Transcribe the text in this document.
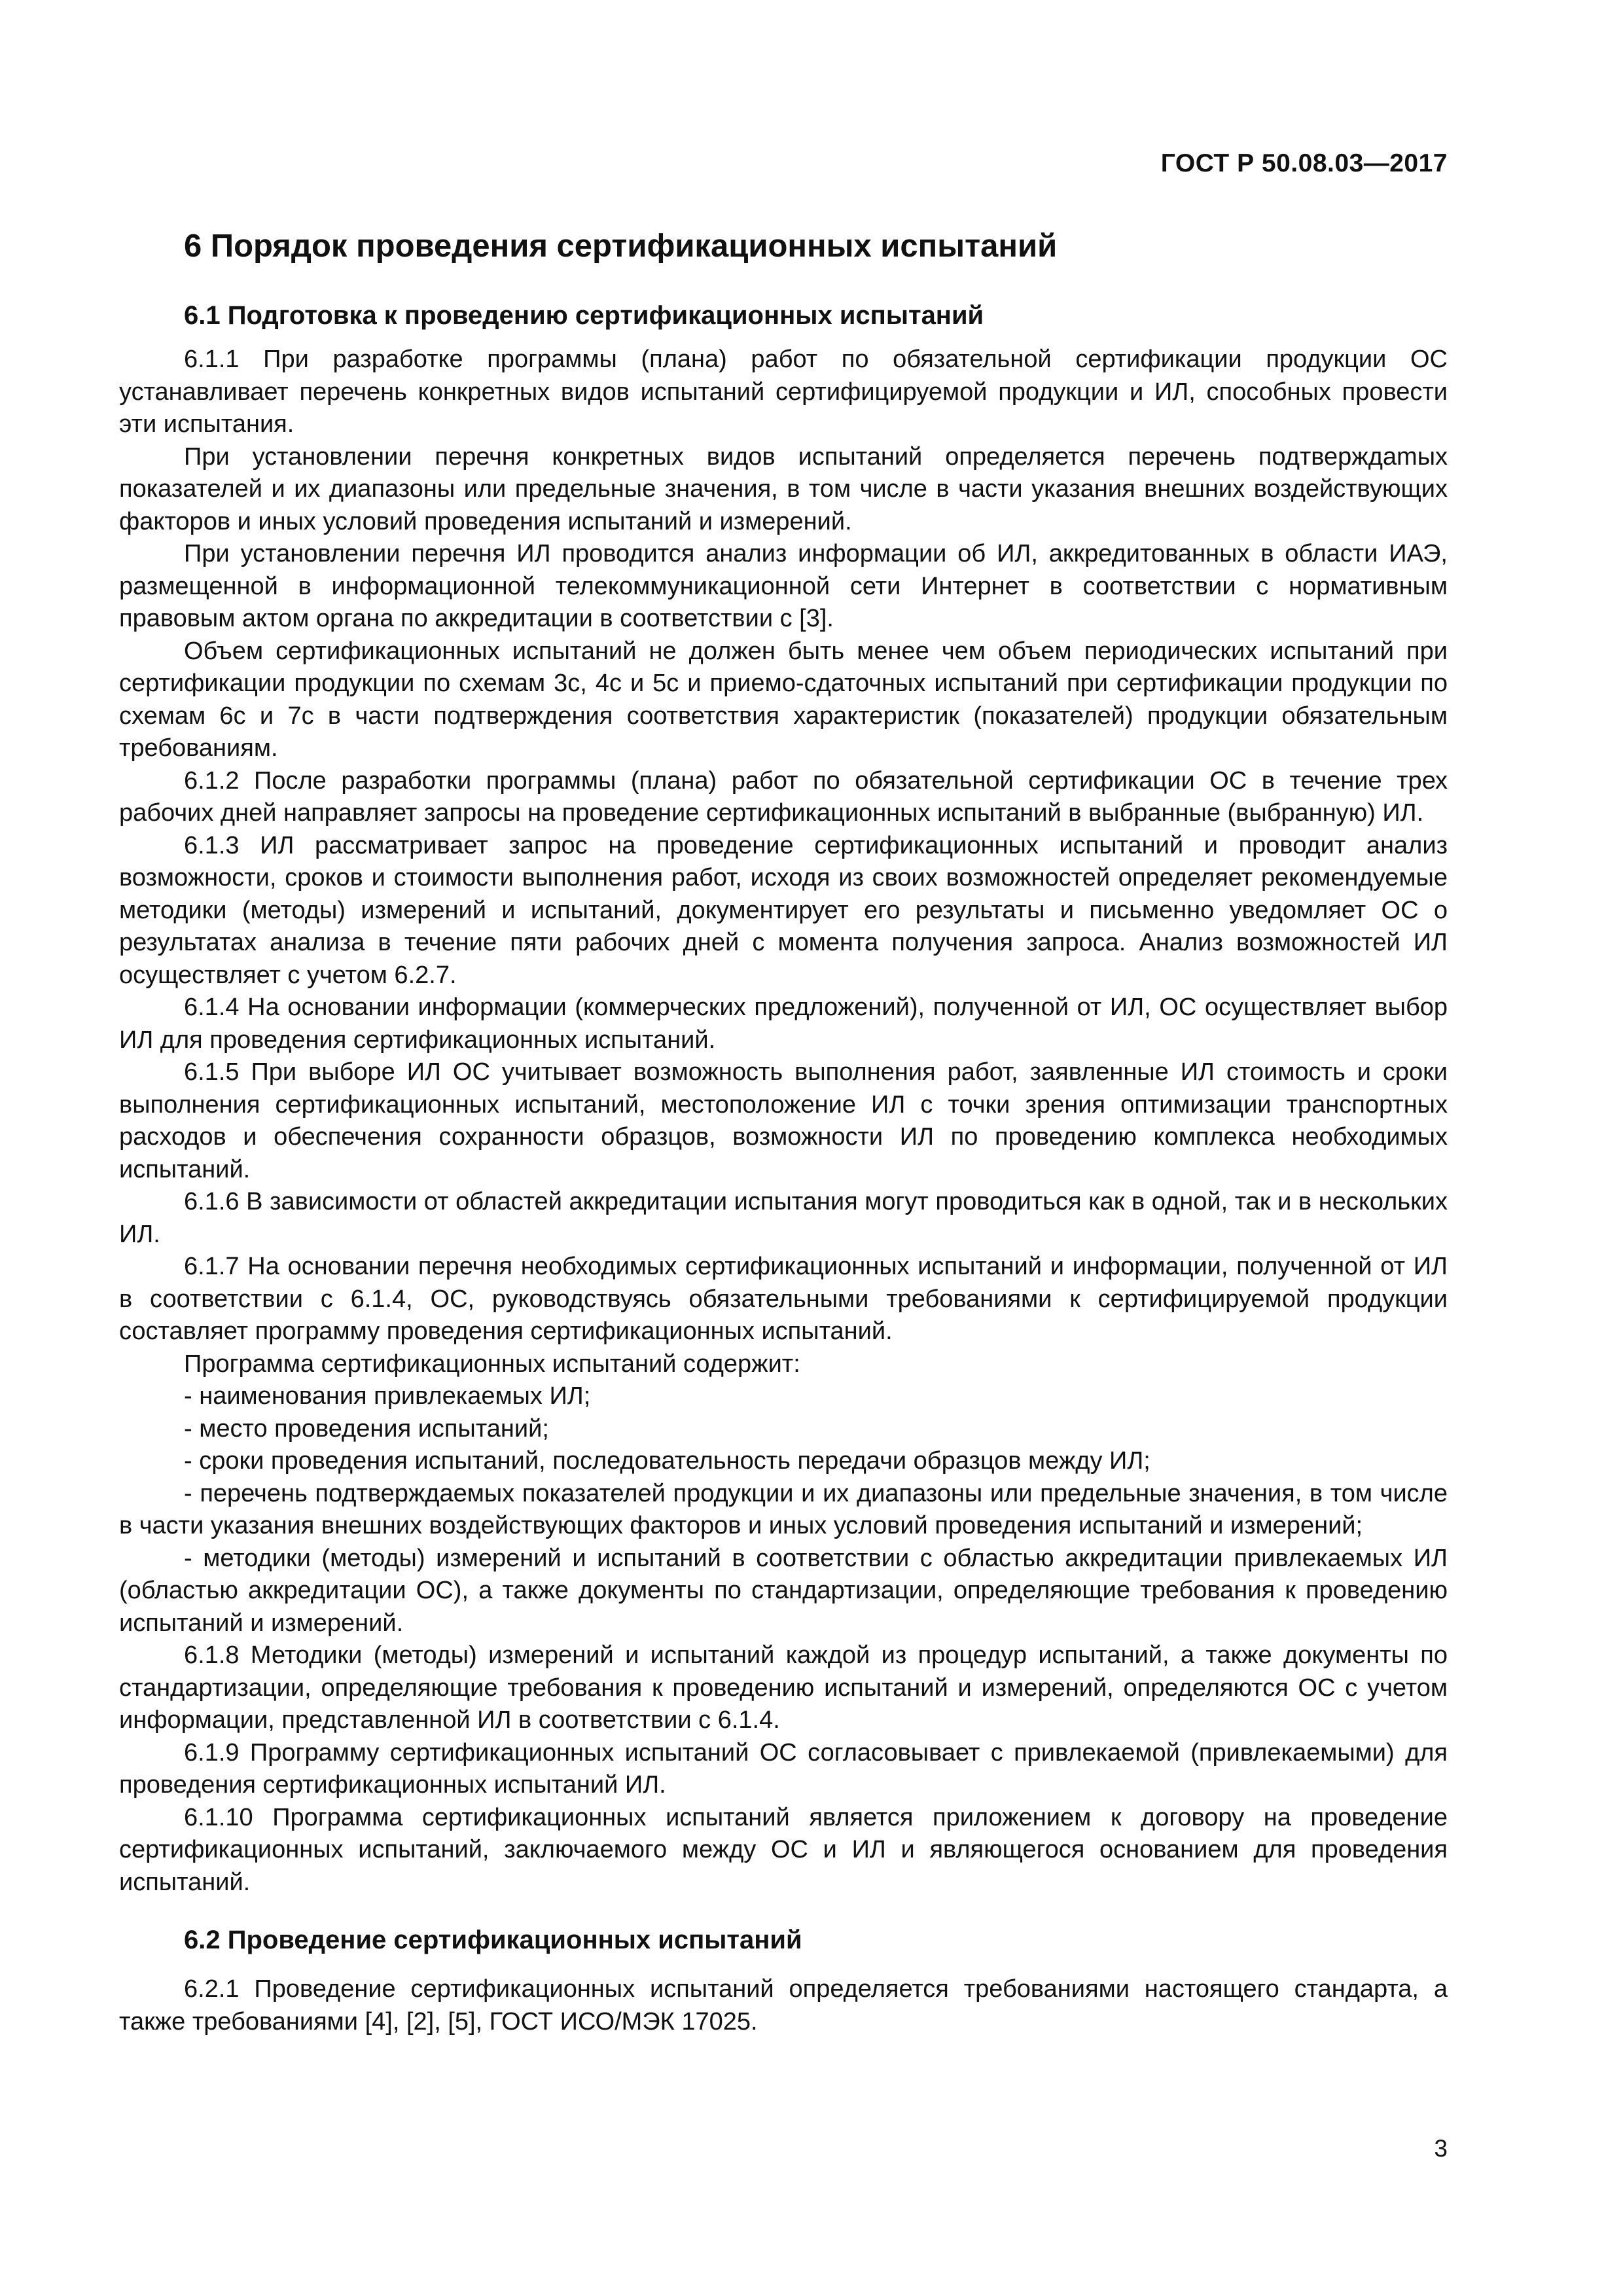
ГОСТ Р 50.08.03—2017
6 Порядок проведения сертификационных испытаний
6.1 Подготовка к проведению сертификационных испытаний

6.1.1 При разработке программы (плана) работ по обязательной сертификации продукции ОС устанавливает перечень конкретных видов испытаний сертифицируемой продукции и ИЛ, способных провести эти испытания.

При установлении перечня конкретных видов испытаний определяется перечень подтверждаmых показателей и их диапазоны или предельные значения, в том числе в части указания внешних воздействующих факторов и иных условий проведения испытаний и измерений.

При установлении перечня ИЛ проводится анализ информации об ИЛ, аккредитованных в области ИАЭ, размещенной в информационной телекоммуникационной сети Интернет в соответствии с нормативным правовым актом органа по аккредитации в соответствии с [3].

Объем сертификационных испытаний не должен быть менее чем объем периодических испытаний при сертификации продукции по схемам 3с, 4с и 5с и приемо-сдаточных испытаний при сертификации продукции по схемам 6с и 7с в части подтверждения соответствия характеристик (показателей) продукции обязательным требованиям.

6.1.2 После разработки программы (плана) работ по обязательной сертификации ОС в течение трех рабочих дней направляет запросы на проведение сертификационных испытаний в выбранные (выбранную) ИЛ.

6.1.3 ИЛ рассматривает запрос на проведение сертификационных испытаний и проводит анализ возможности, сроков и стоимости выполнения работ, исходя из своих возможностей определяет рекомендуемые методики (методы) измерений и испытаний, документирует его результаты и письменно уведомляет ОС о результатах анализа в течение пяти рабочих дней с момента получения запроса. Анализ возможностей ИЛ осуществляет с учетом 6.2.7.

6.1.4 На основании информации (коммерческих предложений), полученной от ИЛ, ОС осуществляет выбор ИЛ для проведения сертификационных испытаний.

6.1.5 При выборе ИЛ ОС учитывает возможность выполнения работ, заявленные ИЛ стоимость и сроки выполнения сертификационных испытаний, местоположение ИЛ с точки зрения оптимизации транспортных расходов и обеспечения сохранности образцов, возможности ИЛ по проведению комплекса необходимых испытаний.

6.1.6 В зависимости от областей аккредитации испытания могут проводиться как в одной, так и в нескольких ИЛ.

6.1.7 На основании перечня необходимых сертификационных испытаний и информации, полученной от ИЛ в соответствии с 6.1.4, ОС, руководствуясь обязательными требованиями к сертифицируемой продукции составляет программу проведения сертификационных испытаний.

Программа сертификационных испытаний содержит:

- наименования привлекаемых ИЛ;

- место проведения испытаний;

- сроки проведения испытаний, последовательность передачи образцов между ИЛ;

- перечень подтверждаемых показателей продукции и их диапазоны или предельные значения, в том числе в части указания внешних воздействующих факторов и иных условий проведения испытаний и измерений;

- методики (методы) измерений и испытаний в соответствии с областью аккредитации привлекаемых ИЛ (областью аккредитации ОС), а также документы по стандартизации, определяющие требования к проведению испытаний и измерений.

6.1.8 Методики (методы) измерений и испытаний каждой из процедур испытаний, а также документы по стандартизации, определяющие требования к проведению испытаний и измерений, определяются ОС с учетом информации, представленной ИЛ в соответствии с 6.1.4.

6.1.9 Программу сертификационных испытаний ОС согласовывает с привлекаемой (привлекаемыми) для проведения сертификационных испытаний ИЛ.

6.1.10 Программа сертификационных испытаний является приложением к договору на проведение сертификационных испытаний, заключаемого между ОС и ИЛ и являющегося основанием для проведения испытаний.

6.2 Проведение сертификационных испытаний

6.2.1 Проведение сертификационных испытаний определяется требованиями настоящего стандарта, а также требованиями [4], [2], [5], ГОСТ ИСО/МЭК 17025.

3
